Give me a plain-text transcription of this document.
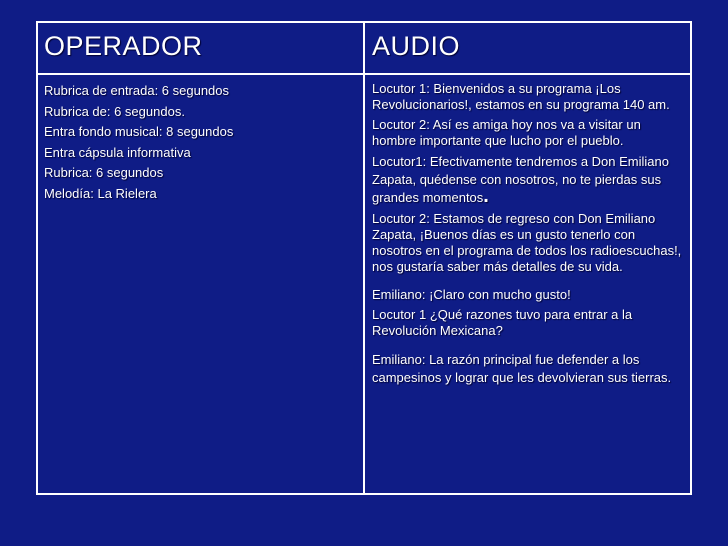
OPERADOR	AUDIO
Rubrica de entrada: 6 segundos
Rubrica de: 6 segundos.
Entra fondo musical: 8 segundos
Entra cápsula informativa
Rubrica: 6 segundos
Melodía: La Rielera
Locutor 1: Bienvenidos a su programa ¡Los Revolucionarios!, estamos en su programa 140 am.
Locutor 2: Así es amiga hoy nos va a visitar un hombre importante que lucho por el pueblo.
Locutor1: Efectivamente tendremos a Don Emiliano Zapata, quédense con nosotros, no te pierdas sus grandes momentos.
Locutor 2: Estamos de regreso con Don Emiliano Zapata, ¡Buenos días es un gusto tenerlo con nosotros en el programa de todos los radioescuchas!, nos gustaría saber más detalles de su vida.
Emiliano: ¡Claro con mucho gusto!
Locutor 1 ¿Qué razones tuvo para entrar a la Revolución Mexicana?
Emiliano: La razón principal fue defender a los campesinos y lograr que les devolvieran sus tierras.
